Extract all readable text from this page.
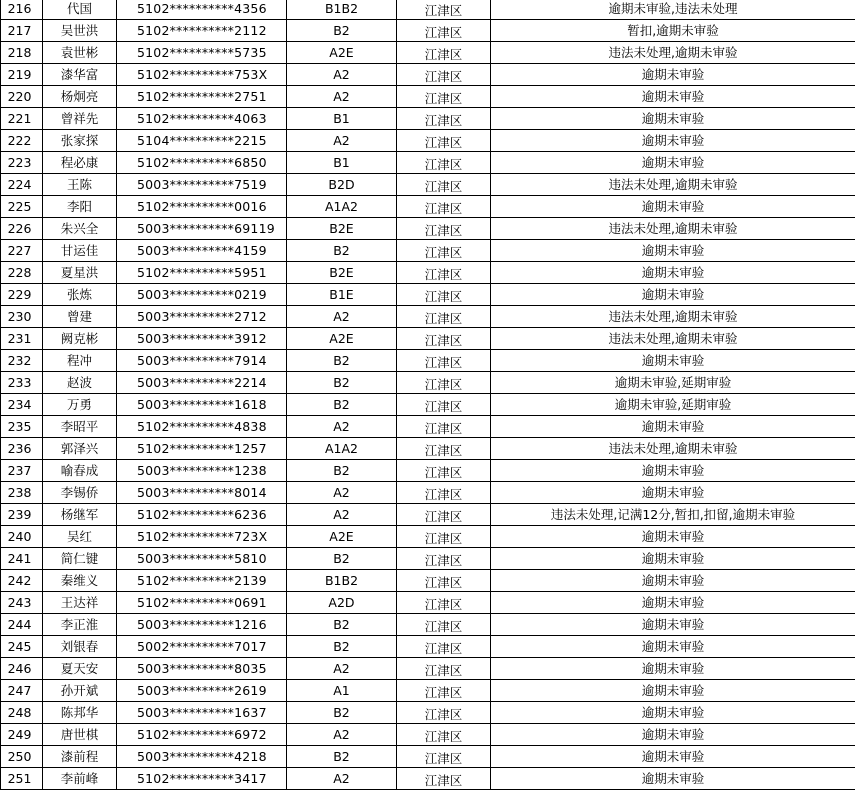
216	代国	5102**********4356	B1B2	江津区	逾期未审验,违法未处理
217	吴世洪	5102**********2112	B2	江津区	暂扣,逾期未审验
218	袁世彬	5102**********5735	A2E	江津区	违法未处理,逾期未审验
219	漆华富	5102**********753X	A2	江津区	逾期未审验
220	杨炯亮	5102**********2751	A2	江津区	逾期未审验
221	曾祥先	5102**********4063	B1	江津区	逾期未审验
222	张家探	5104**********2215	A2	江津区	逾期未审验
223	程必康	5102**********6850	B1	江津区	逾期未审验
224	王陈	5003**********7519	B2D	江津区	违法未处理,逾期未审验
225	李阳	5102**********0016	A1A2	江津区	逾期未审验
226	朱兴全	5003**********69119	B2E	江津区	违法未处理,逾期未审验
227	甘运佳	5003**********4159	B2	江津区	逾期未审验
228	夏星洪	5102**********5951	B2E	江津区	逾期未审验
229	张炼	5003**********0219	B1E	江津区	逾期未审验
230	曾建	5003**********2712	A2	江津区	违法未处理,逾期未审验
231	阙克彬	5003**********3912	A2E	江津区	违法未处理,逾期未审验
232	程冲	5003**********7914	B2	江津区	逾期未审验
233	赵波	5003**********2214	B2	江津区	逾期未审验,延期审验
234	万勇	5003**********1618	B2	江津区	逾期未审验,延期审验
235	李昭平	5102**********4838	A2	江津区	逾期未审验
236	郭泽兴	5102**********1257	A1A2	江津区	违法未处理,逾期未审验
237	喻春成	5003**********1238	B2	江津区	逾期未审验
238	李锡侨	5003**********8014	A2	江津区	逾期未审验
239	杨继军	5102**********6236	A2	江津区	违法未处理,记满12分,暂扣,扣留,逾期未审验
240	吴红	5102**********723X	A2E	江津区	逾期未审验
241	简仁键	5003**********5810	B2	江津区	逾期未审验
242	秦维义	5102**********2139	B1B2	江津区	逾期未审验
243	王达祥	5102**********0691	A2D	江津区	逾期未审验
244	李正淮	5003**********1216	B2	江津区	逾期未审验
245	刘银春	5002**********7017	B2	江津区	逾期未审验
246	夏天安	5003**********8035	A2	江津区	逾期未审验
247	孙开斌	5003**********2619	A1	江津区	逾期未审验
248	陈邦华	5003**********1637	B2	江津区	逾期未审验
249	唐世棋	5102**********6972	A2	江津区	逾期未审验
250	漆前程	5003**********4218	B2	江津区	逾期未审验
251	李前峰	5102**********3417	A2	江津区	逾期未审验
